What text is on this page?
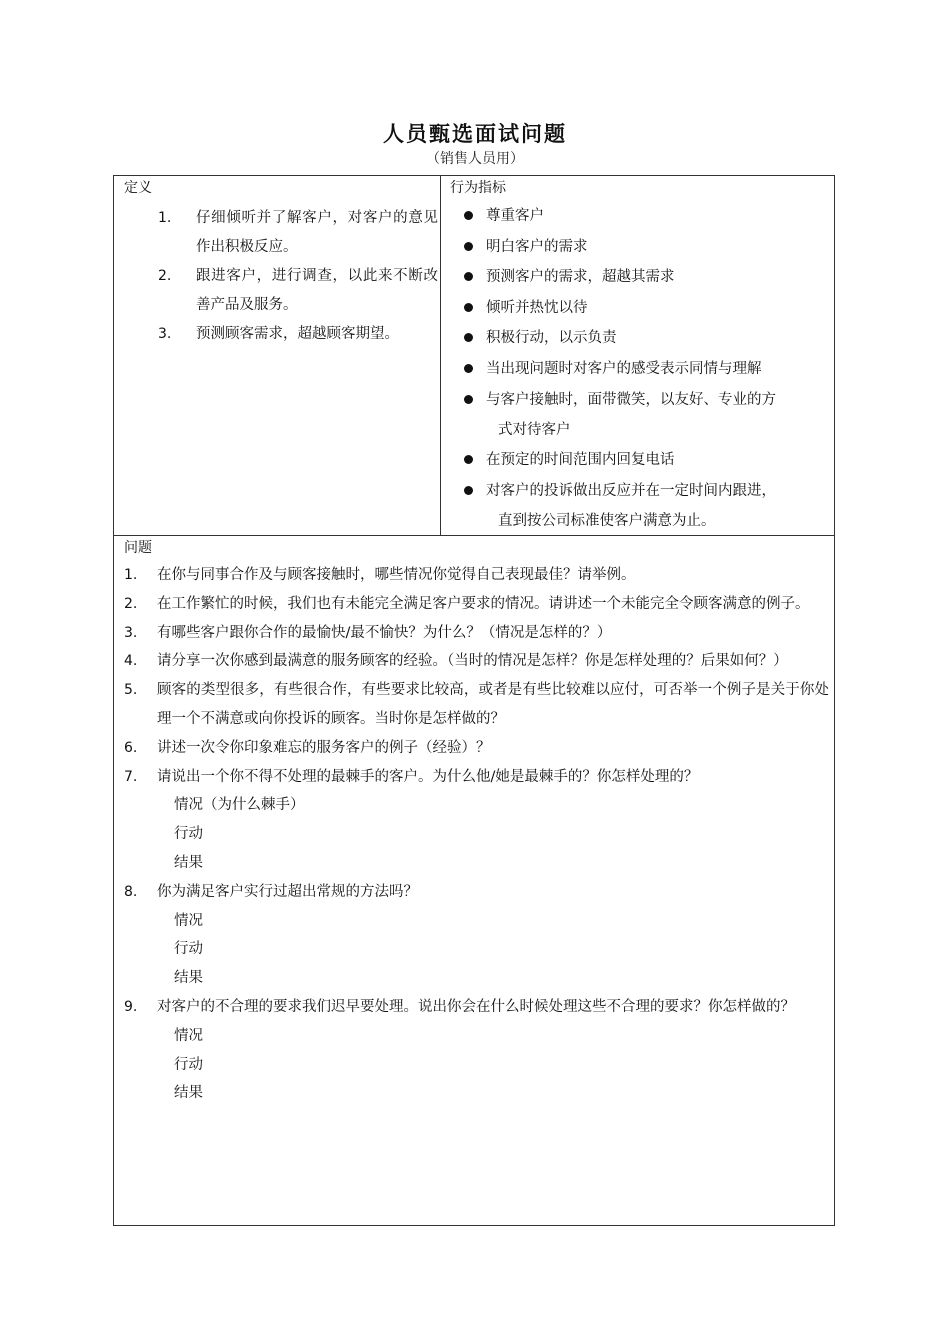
人员甄选面试问题
（销售人员用）
定义
1. 仔细倾听并了解客户，对客户的意见作出积极反应。
2. 跟进客户，进行调查，以此来不断改善产品及服务。
3. 预测顾客需求，超越顾客期望。
行为指标
尊重客户
明白客户的需求
预测客户的需求，超越其需求
倾听并热忱以待
积极行动，以示负责
当出现问题时对客户的感受表示同情与理解
与客户接触时，面带微笑，以友好、专业的方
式对待客户
在预定的时间范围内回复电话
对客户的投诉做出反应并在一定时间内跟进，
直到按公司标准使客户满意为止。
问题
1. 在你与同事合作及与顾客接触时，哪些情况你觉得自己表现最佳？请举例。
2. 在工作繁忙的时候，我们也有未能完全满足客户要求的情况。请讲述一个未能完全令顾客满意的例子。
3. 有哪些客户跟你合作的最愉快/最不愉快？为什么？（情况是怎样的？）
4. 请分享一次你感到最满意的服务顾客的经验。（当时的情况是怎样？你是怎样处理的？后果如何？）
5. 顾客的类型很多，有些很合作，有些要求比较高，或者是有些比较难以应付，可否举一个例子是关于你处理一个不满意或向你投诉的顾客。当时你是怎样做的？
6. 讲述一次令你印象难忘的服务客户的例子（经验）？
7. 请说出一个你不得不处理的最棘手的客户。为什么他/她是最棘手的？你怎样处理的？
情况（为什么棘手）
行动
结果
8. 你为满足客户实行过超出常规的方法吗？
情况
行动
结果
9. 对客户的不合理的要求我们迟早要处理。说出你会在什么时候处理这些不合理的要求？你怎样做的？
情况
行动
结果
